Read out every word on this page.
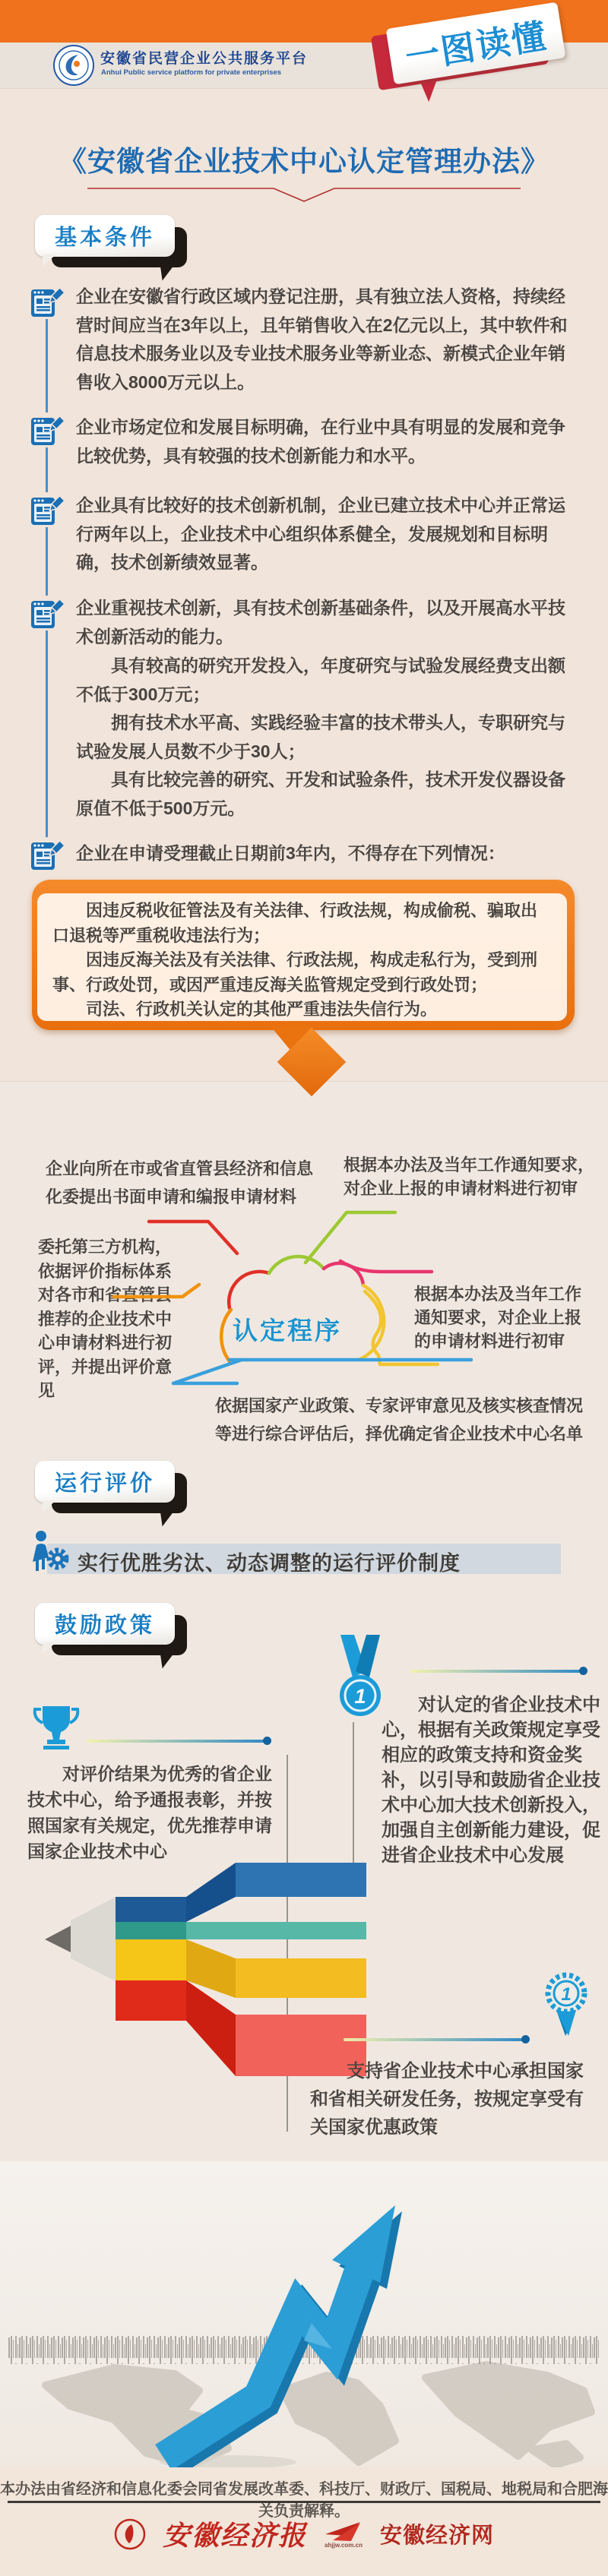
安徽省民营企业公共服务平台
Anhui Public service platform for private enterprises	一图读懂
《安徽省企业技术中心认定管理办法》
基本条件
企业在安徽省行政区域内登记注册，具有独立法人资格，持续经营时间应当在3年以上，且年销售收入在2亿元以上，其中软件和信息技术服务业以及专业技术服务业等新业态、新模式企业年销售收入8000万元以上。
企业市场定位和发展目标明确，在行业中具有明显的发展和竞争比较优势，具有较强的技术创新能力和水平。
企业具有比较好的技术创新机制，企业已建立技术中心并正常运行两年以上，企业技术中心组织体系健全，发展规划和目标明确，技术创新绩效显著。
企业重视技术创新，具有技术创新基础条件，以及开展高水平技术创新活动的能力。

具有较高的研究开发投入，年度研究与试验发展经费支出额不低于300万元；

拥有技术水平高、实践经验丰富的技术带头人，专职研究与试验发展人员数不少于30人；

具有比较完善的研究、开发和试验条件，技术开发仪器设备原值不低于500万元。

企业在申请受理截止日期前3年内，不得存在下列情况：

因违反税收征管法及有关法律、行政法规，构成偷税、骗取出口退税等严重税收违法行为；

因违反海关法及有关法律、行政法规，构成走私行为，受到刑事、行政处罚，或因严重违反海关监管规定受到行政处罚；

司法、行政机关认定的其他严重违法失信行为。

企业向所在市或省直管县经济和信息化委提出书面申请和编报申请材料
委托第三方机构，依据评价指标体系对各市和省直管县推荐的企业技术中心申请材料进行初评，并提出评价意见
根据本办法及当年工作通知要求，对企业上报的申请材料进行初审
根据本办法及当年工作通知要求，对企业上报的申请材料进行初审
依据国家产业政策、专家评审意见及核实核查情况等进行综合评估后，择优确定省企业技术中心名单
认定程序
运行评价
实行优胜劣汰、动态调整的运行评价制度
鼓励政策
1	对认定的省企业技术中心，根据有关政策规定享受相应的政策支持和资金奖补，以引导和鼓励省企业技术中心加大技术创新投入，加强自主创新能力建设，促进省企业技术中心发展
对评价结果为优秀的省企业技术中心，给予通报表彰，并按照国家有关规定，优先推荐申请国家企业技术中心
1
支持省企业技术中心承担国家和省相关研发任务，按规定享受有关国家优惠政策
本办法由省经济和信息化委会同省发展改革委、科技厅、财政厅、国税局、地税局和合肥海关负责解释。
安徽经济报	ahjjw.com.cn 安徽经济网
